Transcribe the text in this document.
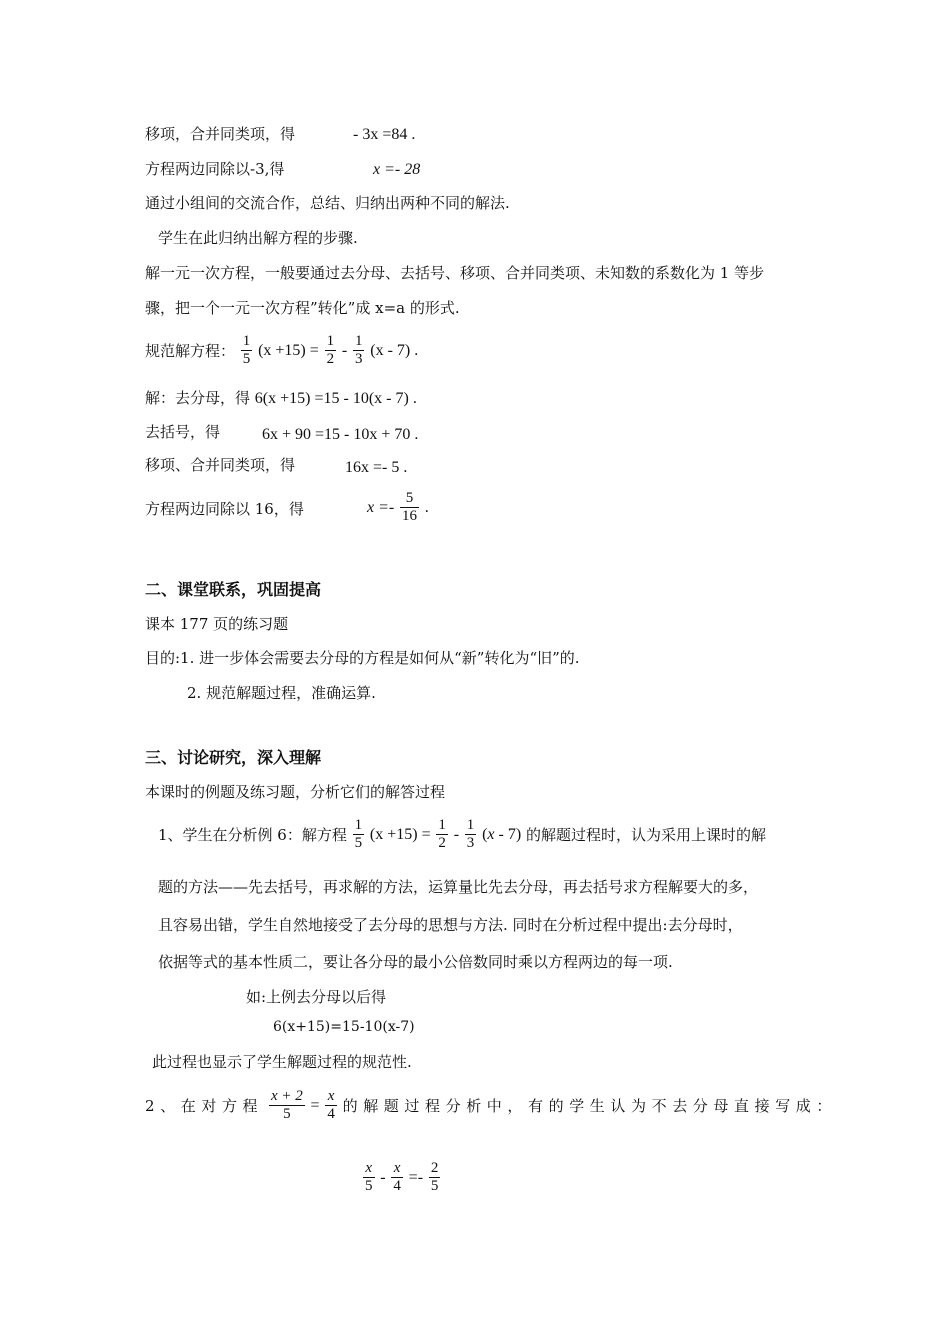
移项，合并同类项，得	- 3x =84 .
方程两边同除以-3,得	x =- 28
通过小组间的交流合作，总结、归纳出两种不同的解法.
学生在此归纳出解方程的步骤.
解一元一次方程，一般要通过去分母、去括号、移项、合并同类项、未知数的系数化为 1 等步
骤，把一个一元一次方程”转化”成 x=a 的形式.
规范解方程： $\frac{1}{5} (x +15) = \frac{1}{2} - \frac{1}{3} (x - 7)$ .
解：去分母，得 6(x +15) =15 - 10(x - 7) .
去括号，得	6x + 90 =15 - 10x + 70 .
移项、合并同类项，得	16x =- 5 .
方程两边同除以 16，得	$x =- \frac{5}{16}$ .
二、课堂联系，巩固提高
课本 177 页的练习题
目的:1. 进一步体会需要去分母的方程是如何从“新”转化为“旧”的.
2. 规范解题过程，准确运算.
三、讨论研究，深入理解
本课时的例题及练习题，分析它们的解答过程
1、学生在分析例 6：解方程 $\frac{1}{5} (x +15) = \frac{1}{2} - \frac{1}{3} (x - 7)$ 的解题过程时，认为采用上课时的解
题的方法——先去括号，再求解的方法，运算量比先去分母，再去括号求方程解要大的多，
且容易出错，学生自然地接受了去分母的思想与方法. 同时在分析过程中提出:去分母时，
依据等式的基本性质二，要让各分母的最小公倍数同时乘以方程两边的每一项.
如:上例去分母以后得
6(x+15)=15-10(x-7)
此过程也显示了学生解题过程的规范性.
2、在对方程 $\frac{x + 2}{5} = \frac{x}{4}$ 的解题过程分析中，有的学生认为不去分母直接写成：
$\frac{x}{5} - \frac{x}{4} =- \frac{2}{5}$
